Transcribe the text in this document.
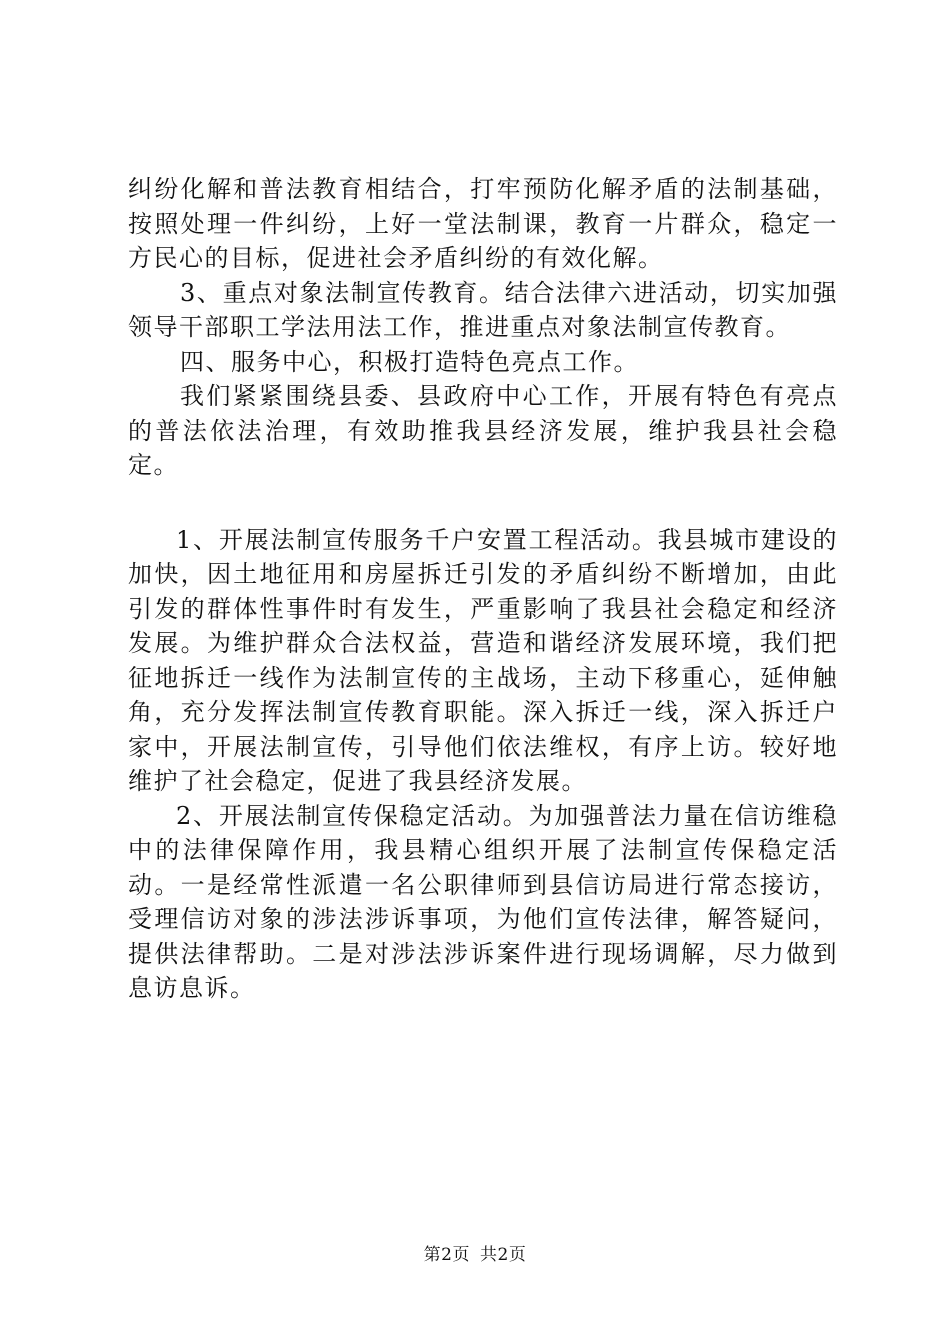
纠纷化解和普法教育相结合，打牢预防化解矛盾的法制基础，按照处理一件纠纷，上好一堂法制课，教育一片群众，稳定一方民心的目标，促进社会矛盾纠纷的有效化解。

3、重点对象法制宣传教育。结合法律六进活动，切实加强领导干部职工学法用法工作，推进重点对象法制宣传教育。

四、服务中心，积极打造特色亮点工作。

我们紧紧围绕县委、县政府中心工作，开展有特色有亮点的普法依法治理，有效助推我县经济发展，维护我县社会稳定。

1、开展法制宣传服务千户安置工程活动。我县城市建设的加快，因土地征用和房屋拆迁引发的矛盾纠纷不断增加，由此引发的群体性事件时有发生，严重影响了我县社会稳定和经济发展。为维护群众合法权益，营造和谐经济发展环境，我们把征地拆迁一线作为法制宣传的主战场，主动下移重心，延伸触角，充分发挥法制宣传教育职能。深入拆迁一线，深入拆迁户家中，开展法制宣传，引导他们依法维权，有序上访。较好地维护了社会稳定，促进了我县经济发展。

2、开展法制宣传保稳定活动。为加强普法力量在信访维稳中的法律保障作用，我县精心组织开展了法制宣传保稳定活动。一是经常性派遣一名公职律师到县信访局进行常态接访，受理信访对象的涉法涉诉事项，为他们宣传法律，解答疑问，提供法律帮助。二是对涉法涉诉案件进行现场调解，尽力做到息访息诉。

第2页 共2页
